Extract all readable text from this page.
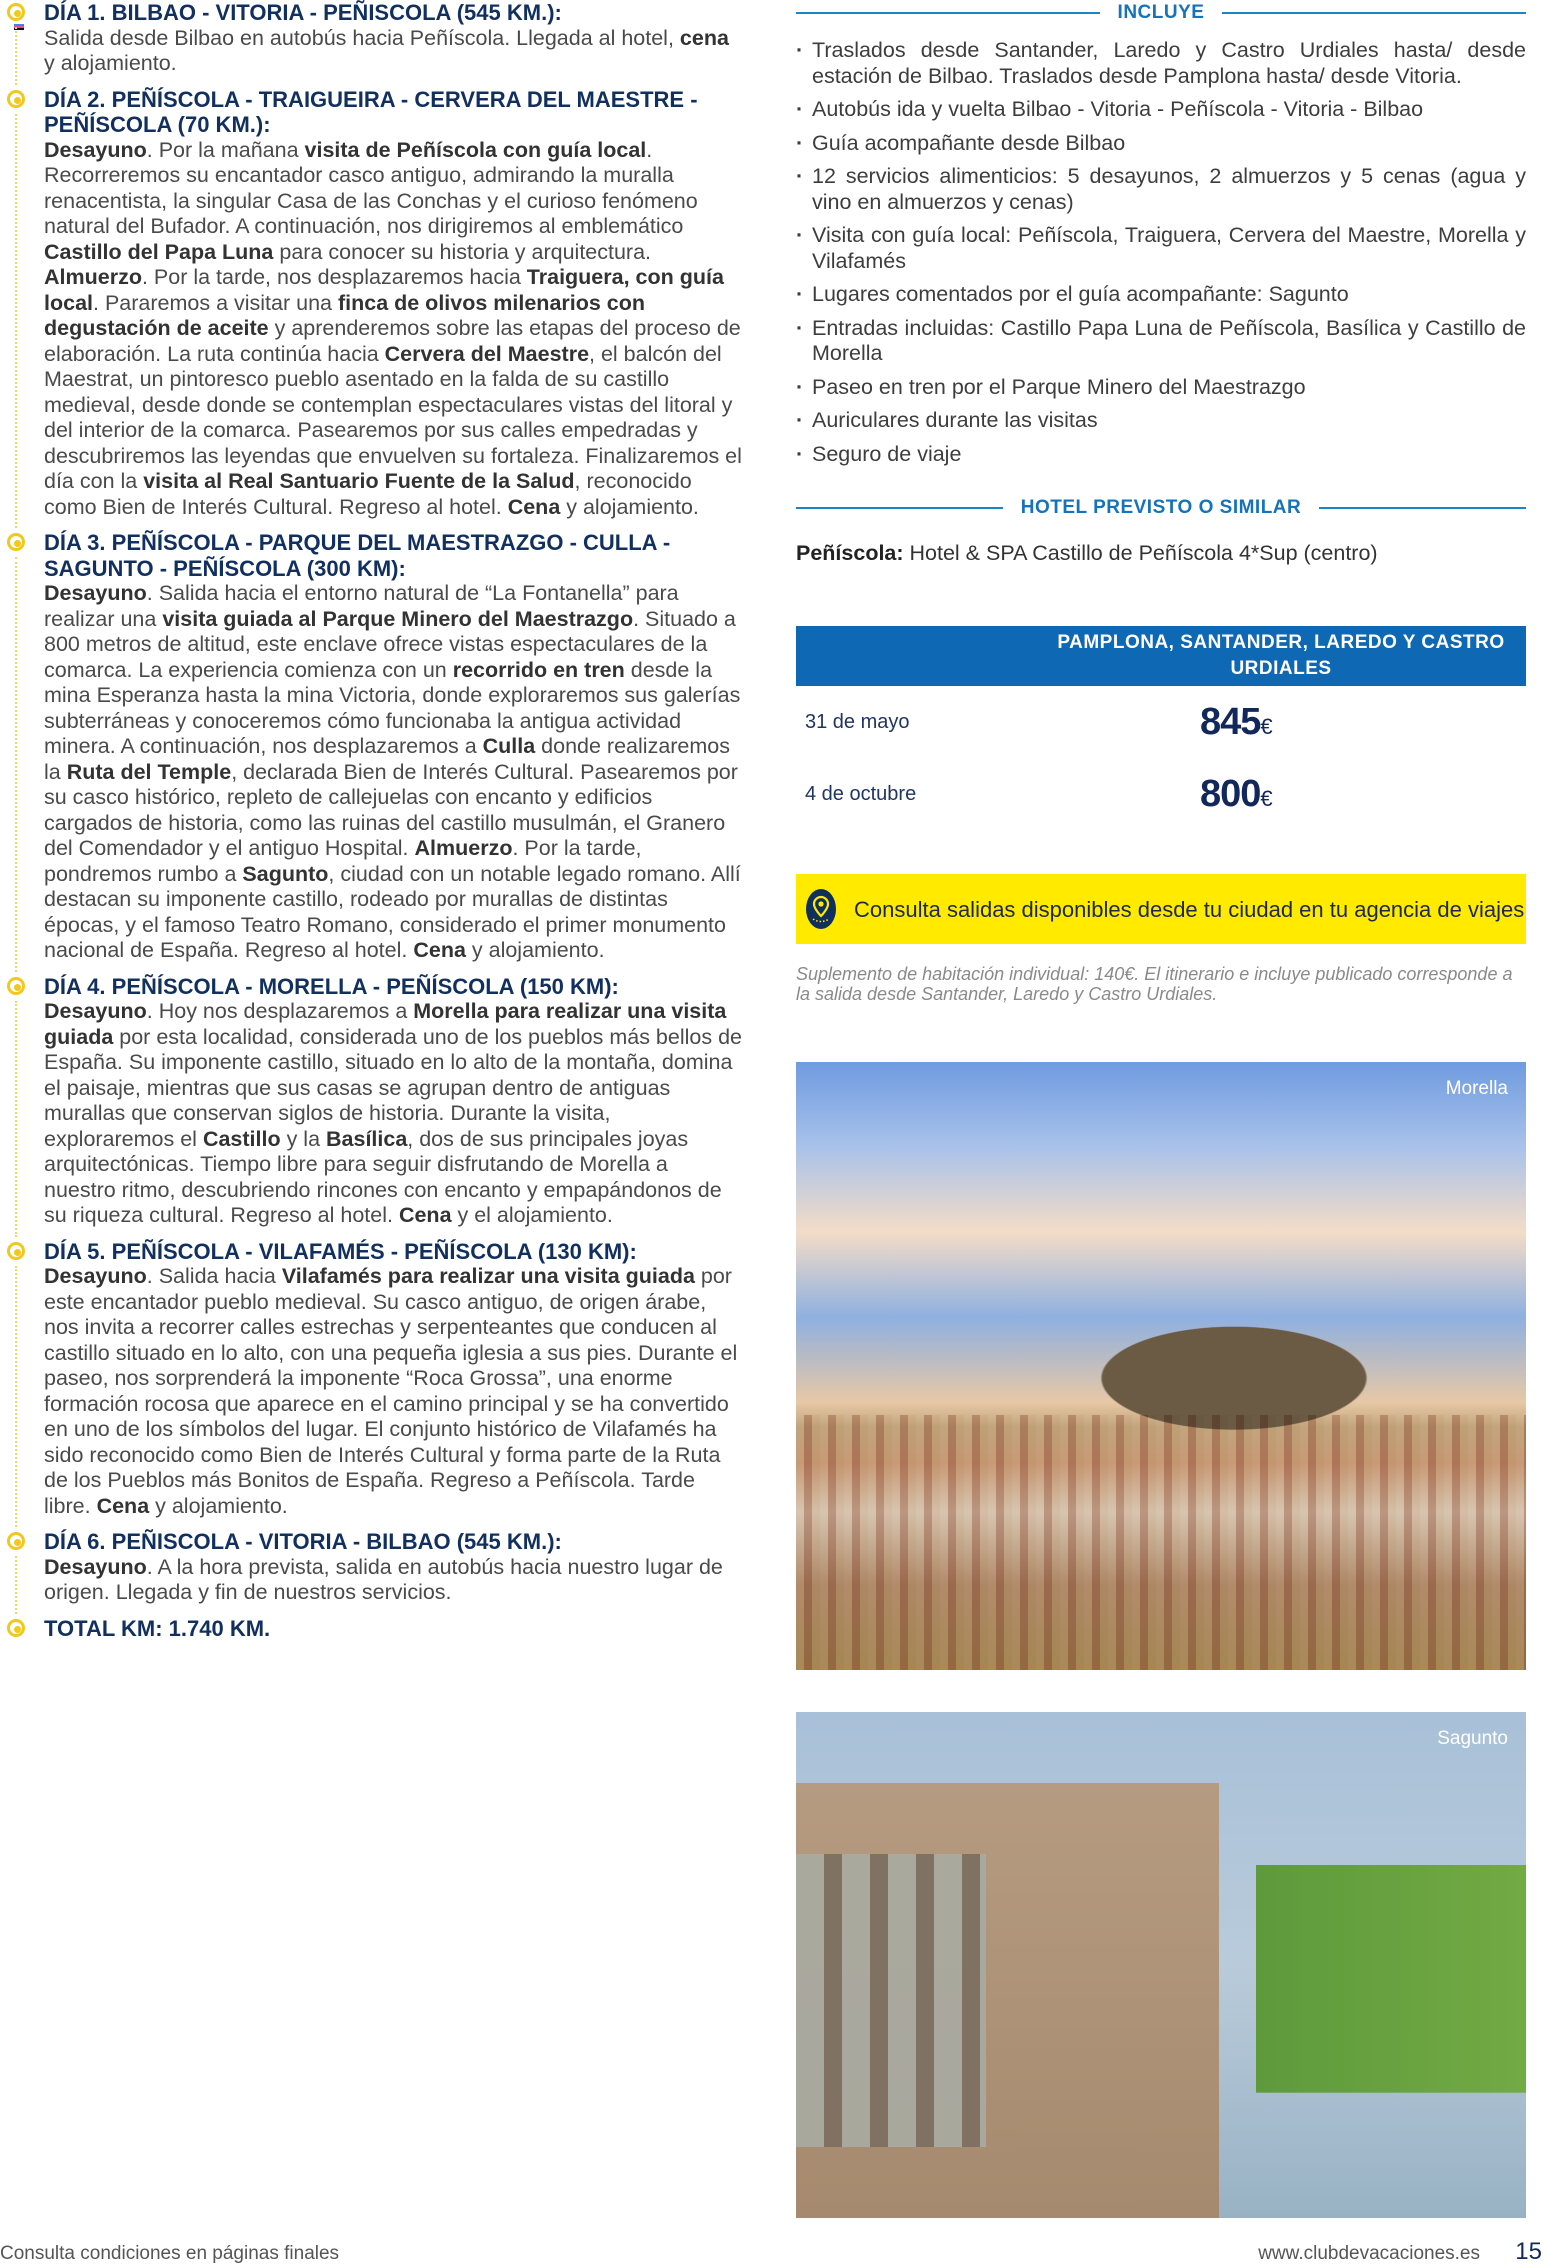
DÍA 1. BILBAO - VITORIA - PEÑISCOLA (545 KM.):

Salida desde Bilbao en autobús hacia Peñíscola. Llegada al hotel, cena y alojamiento.

DÍA 2. PEÑÍSCOLA - TRAIGUEIRA - CERVERA DEL MAESTRE - PEÑÍSCOLA (70 KM.):

Desayuno. Por la mañana visita de Peñíscola con guía local. Recorreremos su encantador casco antiguo, admirando la muralla renacentista, la singular Casa de las Conchas y el curioso fenómeno natural del Bufador. A continuación, nos dirigiremos al emblemático Castillo del Papa Luna para conocer su historia y arquitectura. Almuerzo. Por la tarde, nos desplazaremos hacia Traiguera, con guía local. Pararemos a visitar una finca de olivos milenarios con degustación de aceite y aprenderemos sobre las etapas del proceso de elaboración. La ruta continúa hacia Cervera del Maestre, el balcón del Maestrat, un pintoresco pueblo asentado en la falda de su castillo medieval, desde donde se contemplan espectaculares vistas del litoral y del interior de la comarca. Pasearemos por sus calles empedradas y descubriremos las leyendas que envuelven su fortaleza. Finalizaremos el día con la visita al Real Santuario Fuente de la Salud, reconocido como Bien de Interés Cultural. Regreso al hotel. Cena y alojamiento.

DÍA 3. PEÑÍSCOLA - PARQUE DEL MAESTRAZGO - CULLA - SAGUNTO - PEÑÍSCOLA (300 KM):

Desayuno. Salida hacia el entorno natural de “La Fontanella” para realizar una visita guiada al Parque Minero del Maestrazgo. Situado a 800 metros de altitud, este enclave ofrece vistas espectaculares de la comarca. La experiencia comienza con un recorrido en tren desde la mina Esperanza hasta la mina Victoria, donde exploraremos sus galerías subterráneas y conoceremos cómo funcionaba la antigua actividad minera. A continuación, nos desplazaremos a Culla donde realizaremos la Ruta del Temple, declarada Bien de Interés Cultural. Pasearemos por su casco histórico, repleto de callejuelas con encanto y edificios cargados de historia, como las ruinas del castillo musulmán, el Granero del Comendador y el antiguo Hospital. Almuerzo. Por la tarde, pondremos rumbo a Sagunto, ciudad con un notable legado romano. Allí destacan su imponente castillo, rodeado por murallas de distintas épocas, y el famoso Teatro Romano, considerado el primer monumento nacional de España. Regreso al hotel. Cena y alojamiento.

DÍA 4. PEÑÍSCOLA - MORELLA - PEÑÍSCOLA (150 KM):

Desayuno. Hoy nos desplazaremos a Morella para realizar una visita guiada por esta localidad, considerada uno de los pueblos más bellos de España. Su imponente castillo, situado en lo alto de la montaña, domina el paisaje, mientras que sus casas se agrupan dentro de antiguas murallas que conservan siglos de historia. Durante la visita, exploraremos el Castillo y la Basílica, dos de sus principales joyas arquitectónicas. Tiempo libre para seguir disfrutando de Morella a nuestro ritmo, descubriendo rincones con encanto y empapándonos de su riqueza cultural. Regreso al hotel. Cena y el alojamiento.

DÍA 5. PEÑÍSCOLA - VILAFAMÉS - PEÑÍSCOLA (130 KM):

Desayuno. Salida hacia Vilafamés para realizar una visita guiada por este encantador pueblo medieval. Su casco antiguo, de origen árabe, nos invita a recorrer calles estrechas y serpenteantes que conducen al castillo situado en lo alto, con una pequeña iglesia a sus pies. Durante el paseo, nos sorprenderá la imponente “Roca Grossa”, una enorme formación rocosa que aparece en el camino principal y se ha convertido en uno de los símbolos del lugar. El conjunto histórico de Vilafamés ha sido reconocido como Bien de Interés Cultural y forma parte de la Ruta de los Pueblos más Bonitos de España. Regreso a Peñíscola. Tarde libre. Cena y alojamiento.

DÍA 6. PEÑISCOLA - VITORIA - BILBAO (545 KM.):

Desayuno. A la hora prevista, salida en autobús hacia nuestro lugar de origen. Llegada y fin de nuestros servicios.

TOTAL KM: 1.740 KM.
INCLUYE
· Traslados desde Santander, Laredo y Castro Urdiales hasta/ desde estación de Bilbao. Traslados desde Pamplona hasta/ desde Vitoria.
· Autobús ida y vuelta Bilbao - Vitoria - Peñíscola - Vitoria - Bilbao
· Guía acompañante desde Bilbao
· 12 servicios alimenticios: 5 desayunos, 2 almuerzos y 5 cenas (agua y vino en almuerzos y cenas)
· Visita con guía local: Peñíscola, Traiguera, Cervera del Maestre, Morella y Vilafamés
· Lugares comentados por el guía acompañante: Sagunto
· Entradas incluidas: Castillo Papa Luna de Peñíscola, Basílica y Castillo de Morella
· Paseo en tren por el Parque Minero del Maestrazgo
· Auriculares durante las visitas
· Seguro de viaje
HOTEL PREVISTO O SIMILAR
Peñíscola: Hotel & SPA Castillo de Peñíscola 4*Sup (centro)
PAMPLONA, SANTANDER, LAREDO Y CASTRO URDIALES
31 de mayo	845€
4 de octubre	800€
Consulta salidas disponibles desde tu ciudad en tu agencia de viajes
Suplemento de habitación individual: 140€. El itinerario e incluye publicado corresponde a la salida desde Santander, Laredo y Castro Urdiales.
Morella
Sagunto
Consulta condiciones en páginas finales	www.clubdevacaciones.es 15
